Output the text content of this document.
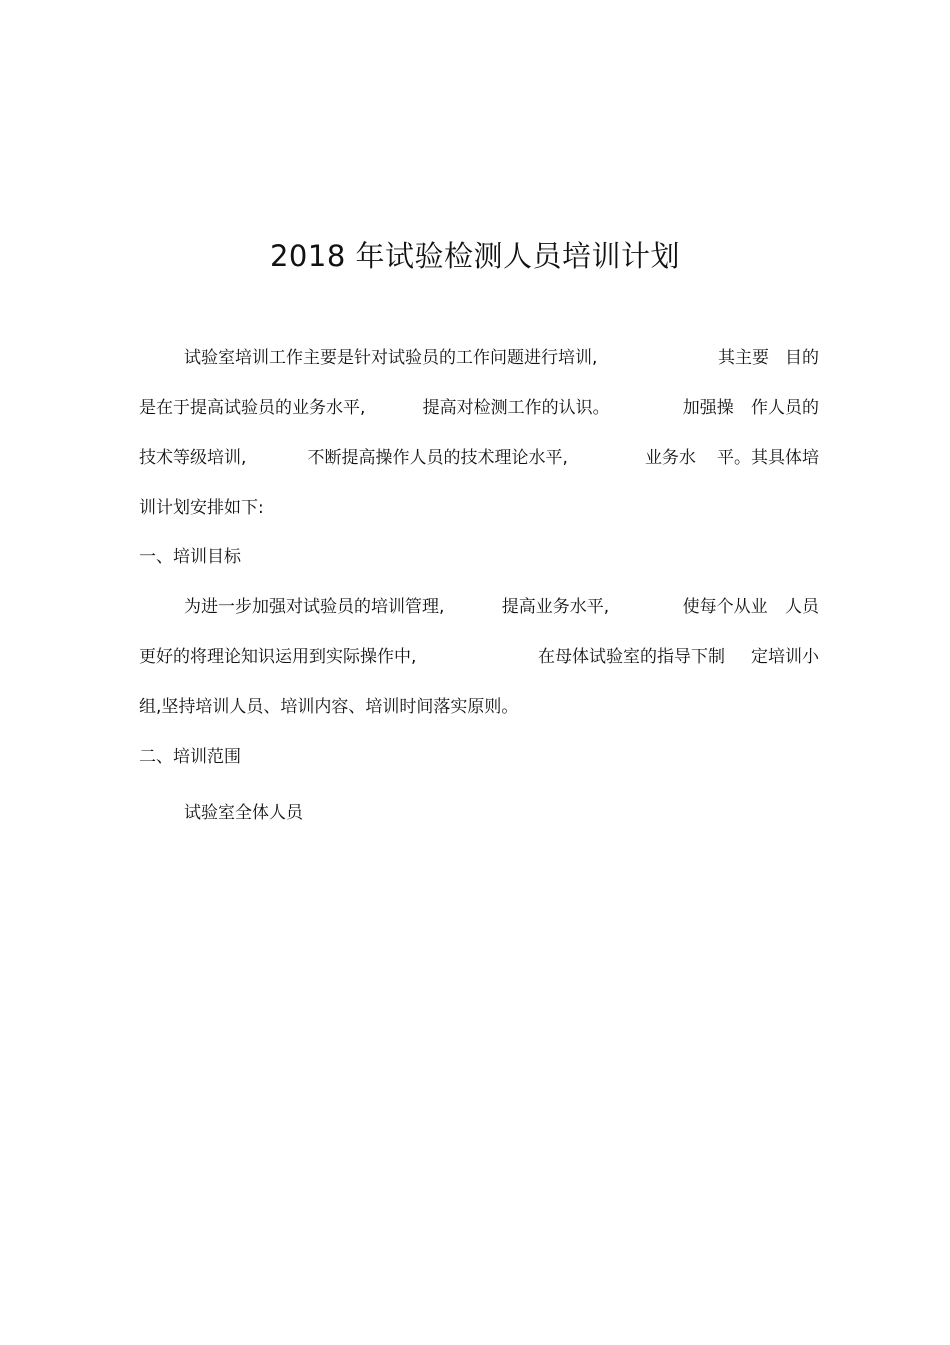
2018 年试验检测人员培训计划
试验室培训工作主要是针对试验员的工作问题进行培训,	其主要 目的
是在于提高试验员的业务水平,	提高对检测工作的认识。	加强操 作人员的
技术等级培训,	不断提高操作人员的技术理论水平,	业务水 平。其具体培
训计划安排如下:
一、培训目标
为进一步加强对试验员的培训管理,	提高业务水平,	使每个从业 人员
更好的将理论知识运用到实际操作中,	在母体试验室的指导下制	定培训小
组,坚持培训人员、培训内容、培训时间落实原则。
二、培训范围
试验室全体人员
